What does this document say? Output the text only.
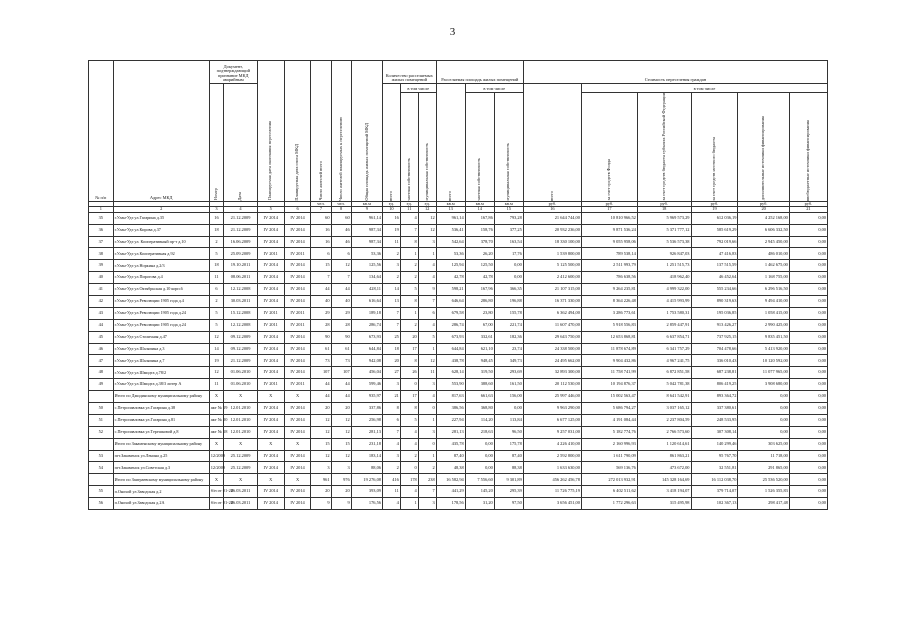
3
№ п/п	Адрес МКД	Документ, подтверждающий признание МКД аварийным		Планируемая дата окончания переселения	Планируемая дата сноса МКД	Число жителей всего	Число жителей планируемых к переселению	Общая площадь жилых помещений МКД	Количество расселяемых жилых помещений			Расселяемая площадь жилых помещений			Стоимость переселения граждан					

		Номер	Дата						всего	в том числе		всего	в том числе		всего	в том числе				

										частная собственность	муниципальная собственность		частная собственность	муниципальная собственность		за счет средств Фонда	за счет средств бюджета субъекта Российской Федерации	за счет средств местного бюджета	дополнительные источники финансирования	внебюджетные источники финансирования

						чел.	чел.	кв.м	ед.	ед.	ед.	кв.м	кв.м	кв.м	руб.	руб.	руб.	руб.	руб.	руб.
1	2	3	4	5	6	7	8	9	10	11	12	13	14	15	16	17	18	19	20	21
35	г.Улан-Удэ ул.Гагарина д.35	16	21.12.2009	IV 2014	IV 2014	60	60	961,14	16	4	12	961,14	167,86	793,28	21 644 744,00	10 810 966,52	5 969 573,29	612 036,19	4 252 168,00	0,00
36	г.Улан-Удэ ул.Кирова д.37	18	21.12.2009	IV 2014	IV 2014	16	46	987,34	19	7	12	536,41	158,76	377,25	20 932 236,00	9 871 536,24	5 371 777,12	585 619,29	6 606 332,50	0,00
37	г.Улан-Удэ ул. Кооперативный пр-т д.10	2	16.06.2009	IV 2014	IV 2014	16	46	987,34	11	8	3	542,64	378,70	163,54	18 330 100,00	9 055 958,06	5 536 573,38	792 019,66	2 945 450,00	0,00
38	г.Улан-Удэ ул.Кооперативная д.92	5	25.09.2009	IV 2011	IV 2011	6	6	53,36	2	1	1	53,36	26,20	17,76	1 539 800,00	789 538,14	926 847,03	47 416,83	486 010,00	0,00
39	г.Улан-Удэ ул.Норкина д.2/3	18	19.10.2011	IV 2014	IV 2014	15	12	125,56	3	2	4	125,94	125,50	0,00	5 125 500,00	2 511 993,79	1 251 515,73	137 515,59	1 462 675,00	0,00
40	г.Улан-Удэ ул.Пирогова д.4	11	08.06.2011	IV 2014	IV 2014	7	7	134,64	2	2	4	42,78	42,78	0,00	2 412 600,00	786 638,56	418 962,40	46 452,64	1 168 755,00	0,00
41	г.Улан-Удэ ул.Октябрьская д.10 корп.6	6	12.12.2008	IV 2014	IV 2014	44	44	428,11	14	5	9	598,21	167,96	366,35	21 107 315,00	9 264 235,81	4 999 322,00	555 234,66	6 296 516,50	0,00
42	г.Улан-Удэ ул.Революции 1905 года д.4	2	30.03.2011	IV 2014	IV 2014	40	40	616,64	13	8	7	646,64	286,80	196,88	16 371 330,00	8 364 226,48	4 415 993,99	890 319,63	9 494 410,00	0,00
43	г.Улан-Удэ ул.Революции 1905 года д.24	5	15.12.2008	IV 2011	IV 2011	29	29	189,18	7	1	6	679,58	23,80	155,78	6 362 494,00	3 286 773,61	1 753 580,31	195 036,85	1 058 415,00	0,00
44	г.Улан-Удэ ул.Революции 1905 года д.24	5	12.12.2008	IV 2011	IV 2011	28	28	286,74	7	2	4	286,74	67,00	221,74	11 607 470,00	5 918 556,83	2 859 447,91	913 426,27	2 990 425,00	0,00
45	г.Улан-Удэ ул.Столичная д.47	12	09.12.2009	IV 2014	IV 2014	90	90	673,93	25	20	5	673,93	332,61	182,36	29 643 750,00	12 653 868,81	6 637 854,71	737 925,15	9 835 451,50	0,00
46	г.Улан-Удэ ул.Шаляпина д.3	14	09.12.2009	IV 2014	IV 2014	61	61	644,84	18	17	1	644,84	621,10	23,74	24 338 500,00	11 878 674,89	6 341 757,29	704 478,66	5 413 920,00	0,00
47	г.Улан-Удэ ул.Шаляпина д.7	19	21.12.2009	IV 2014	IV 2014	73	73	942,08	20	8	12	438,78	948,45	349,73	24 495 662,00	9 904 432,86	4 967 241,75	336 010,43	10 120 592,00	0,00
48	г.Улан-Удэ ул.Шмидта д.78/2	12	01.06.2010	IV 2014	IV 2014	107	107	456,04	27	26	11	628,14	319,50	293,69	32 893 300,00	11 758 741,99	6 872 851,58	687 238,81	11 077 965,00	0,00
49	г.Улан-Удэ ул.Шмидта д.38/3 литер А	11	01.06.2010	IV 2011	IV 2011	44	44	599,46	3	0	3	553,90	388,60	161,50	20 112 530,00	10 194 876,37	5 042 781,38	806 419,25	3 908 680,00	0,00
	Итого по Джидинскому муниципальному району	X	X	X	X	44	44	935,97	21	17	4	817,63	661,63	156,00	25 997 446,00	15 002 563,47	8 641 542,91	893 364,72	0,00	0,00
50	с.Петропавловка ул.Гагарина д.38	акт № 19	12.01.2010	IV 2014	IV 2014	20	20	337,86	8	8	0	386,56	368,80	0,00	9 963 290,00	5 686 794,27	3 037 165,12	337 380,61	0,00	0,00
51	с.Петропавловка ул.Гагарина д.81	акт № 20	12.01.2010	IV 2014	IV 2014	12	12	256,98	6	5	1	227,94	114,20	113,84	6 677 125,00	4 191 084,44	2 237 804,59	248 533,95	0,00	0,00
52	с.Петропавловка ул.Терешковой д.8	акт № 18	12.01.2010	IV 2014	IV 2014	12	12	281,13	7	4	3	281,13	218,63	96,50	9 257 031,00	5 182 774,76	2 766 573,60	307 308,14	0,00	0,00
	Итого по Закаменскому муниципальному району	X	X	X	X	15	15	231,18	4	4	0	435,78	0,00	175,78	4 226 410,00	2 160 996,93	1 120 614,61	140 299,46	303 625,00	0,00
53	пгт.Закаменск ул.Ленина д.25	12/2009	25.12.2009	IV 2014	IV 2014	12	12	183,14	3	2	1	87,40	0,00	87,40	2 592 800,00	1 611 790,09	861 863,21	95 767,70	11 718,00	0,00
54	пгт.Закаменск ул.Советская д.3	12/2009	25.12.2009	IV 2014	IV 2014	3	3	88,06	2	0	2	48,38	0,00	88,38	1 633 630,00	569 136,76	473 672,00	32 551,81	291 865,00	0,00
	Итого по Заиграевскому муниципальному району	X	X	X	X	961	976	19 276,08	416	178	238	16 582,94	7 556,60	9 301,89	456 262 456,78	272 013 932,91	145 328 164,69	16 112 038,70	25 536 520,00	0,00
55	п.Онохой ул.Заводская д.2	б/н от 01-28	26.03.2011	IV 2014	IV 2014	20	20	393,09	11	4	7	441,29	145,20	295,39	11 726 775,19	6 402 511,62	3 418 194,07	379 714,07	1 526 355,83	0,00
56	п.Онохой ул.Заводская д.2А	б/н от 01-28	26.03.2011	IV 2014	IV 2014	9	9	176,56	4	1	3	178,56	31,20	97,50	3 656 451,00	1 772 296,63	315 495,98	102 367,13	298 417,48	0,00
